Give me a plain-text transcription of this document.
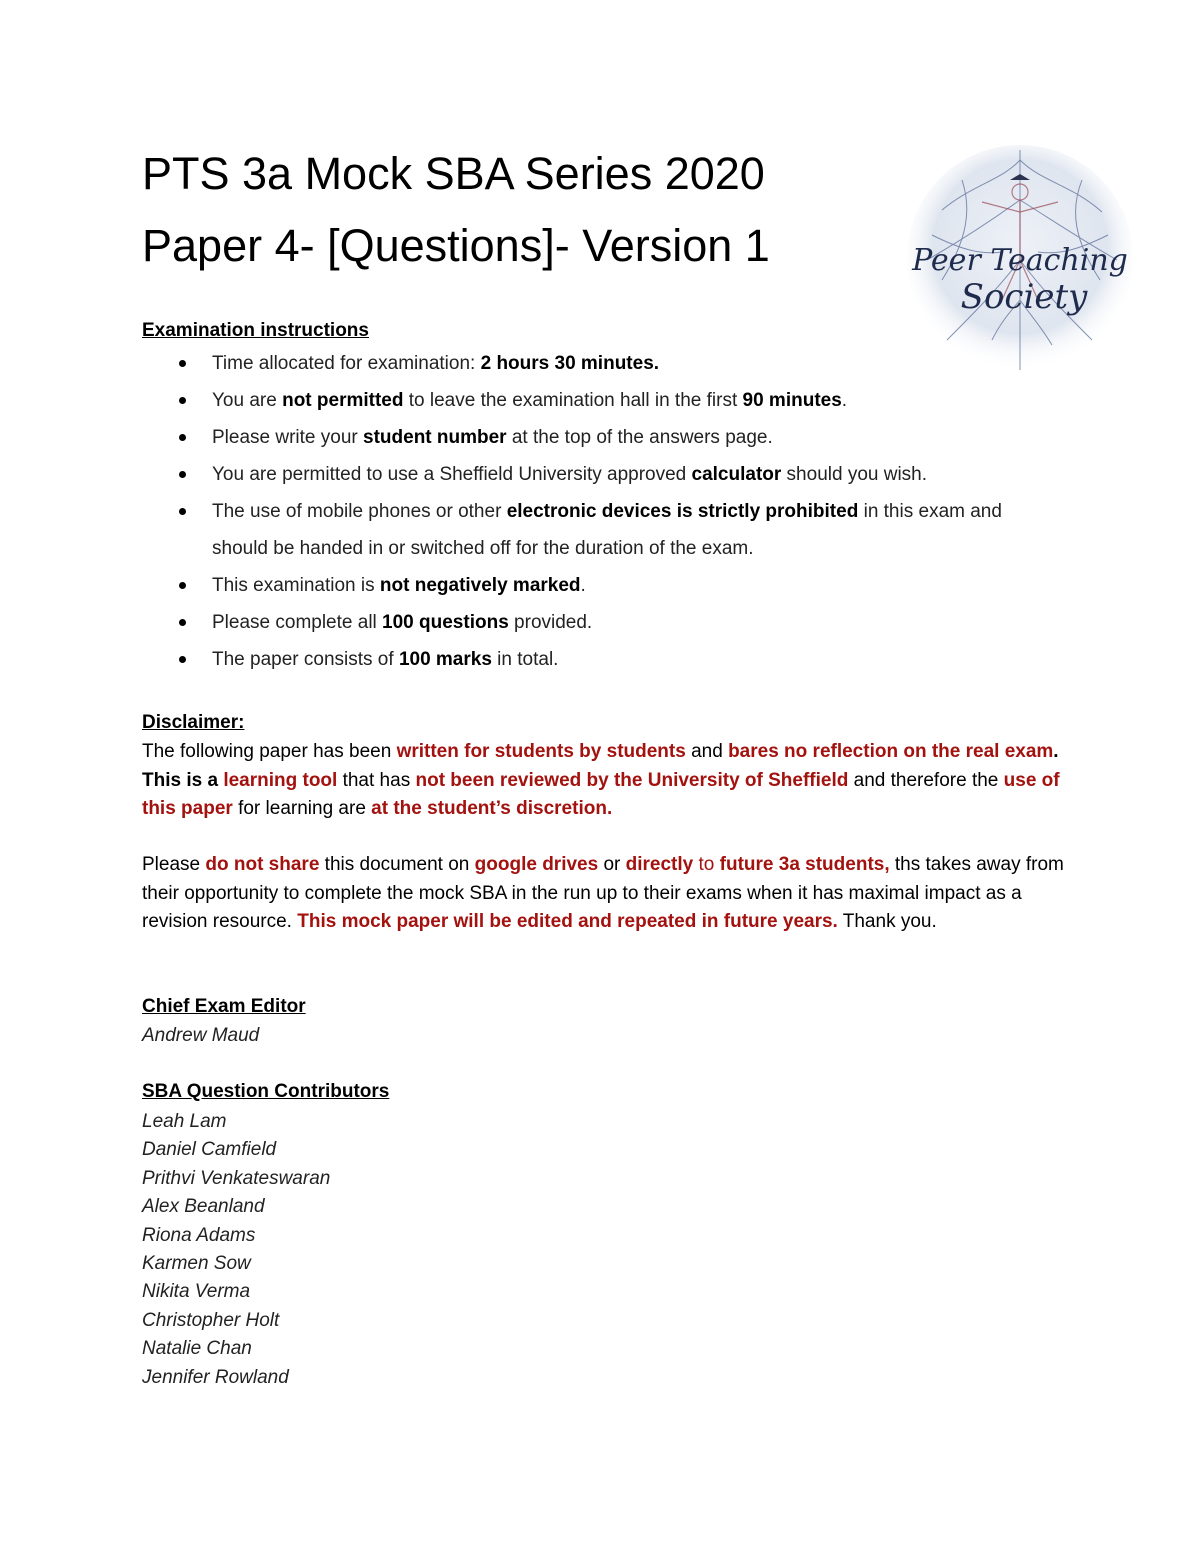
PTS 3a Mock SBA Series 2020
Paper 4- [Questions]- Version 1	Peer Teaching
Society
Examination instructions
Time allocated for examination: 2 hours 30 minutes.
You are not permitted to leave the examination hall in the first 90 minutes.
Please write your student number at the top of the answers page.
You are permitted to use a Sheffield University approved calculator should you wish.
The use of mobile phones or other electronic devices is strictly prohibited in this exam and should be handed in or switched off for the duration of the exam.
This examination is not negatively marked.
Please complete all 100 questions provided.
The paper consists of 100 marks in total.
Disclaimer:
The following paper has been written for students by students and bares no reflection on the real exam. This is a learning tool that has not been reviewed by the University of Sheffield and therefore the use of this paper for learning are at the student’s discretion.
Please do not share this document on google drives or directly to future 3a students, ths takes away from their opportunity to complete the mock SBA in the run up to their exams when it has maximal impact as a revision resource. This mock paper will be edited and repeated in future years. Thank you.
Chief Exam Editor
Andrew Maud
SBA Question Contributors
Leah Lam
Daniel Camfield
Prithvi Venkateswaran
Alex Beanland
Riona Adams
Karmen Sow
Nikita Verma
Christopher Holt
Natalie Chan
Jennifer Rowland
